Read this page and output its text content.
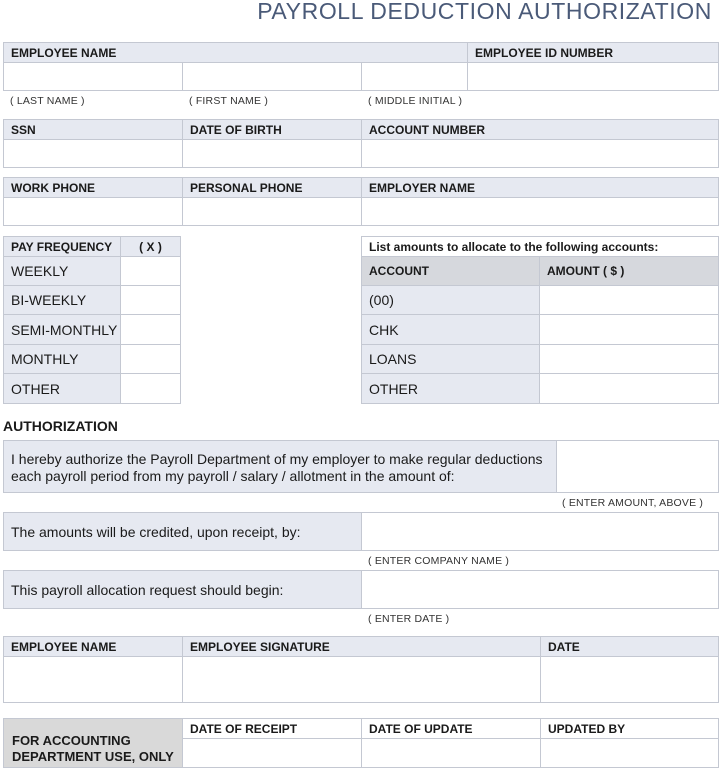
PAYROLL DEDUCTION AUTHORIZATION
EMPLOYEE NAME	EMPLOYEE ID NUMBER
( LAST NAME )	( FIRST NAME )	( MIDDLE INITIAL )
SSN	DATE OF BIRTH	ACCOUNT NUMBER
WORK PHONE	PERSONAL PHONE	EMPLOYER NAME
PAY FREQUENCY	( X )
WEEKLY
BI-WEEKLY
SEMI-MONTHLY
MONTHLY
OTHER
List amounts to allocate to the following accounts:
ACCOUNT	AMOUNT ( $ )
(00)
CHK
LOANS
OTHER
AUTHORIZATION
I hereby authorize the Payroll Department of my employer to make regular deductions each payroll period from my payroll / salary / allotment in the amount of:
( ENTER AMOUNT, ABOVE )
The amounts will be credited, upon receipt, by:
( ENTER COMPANY NAME )
This payroll allocation request should begin:
( ENTER DATE )
EMPLOYEE NAME	EMPLOYEE SIGNATURE	DATE
FOR ACCOUNTING DEPARTMENT USE, ONLY
DATE OF RECEIPT	DATE OF UPDATE	UPDATED BY
